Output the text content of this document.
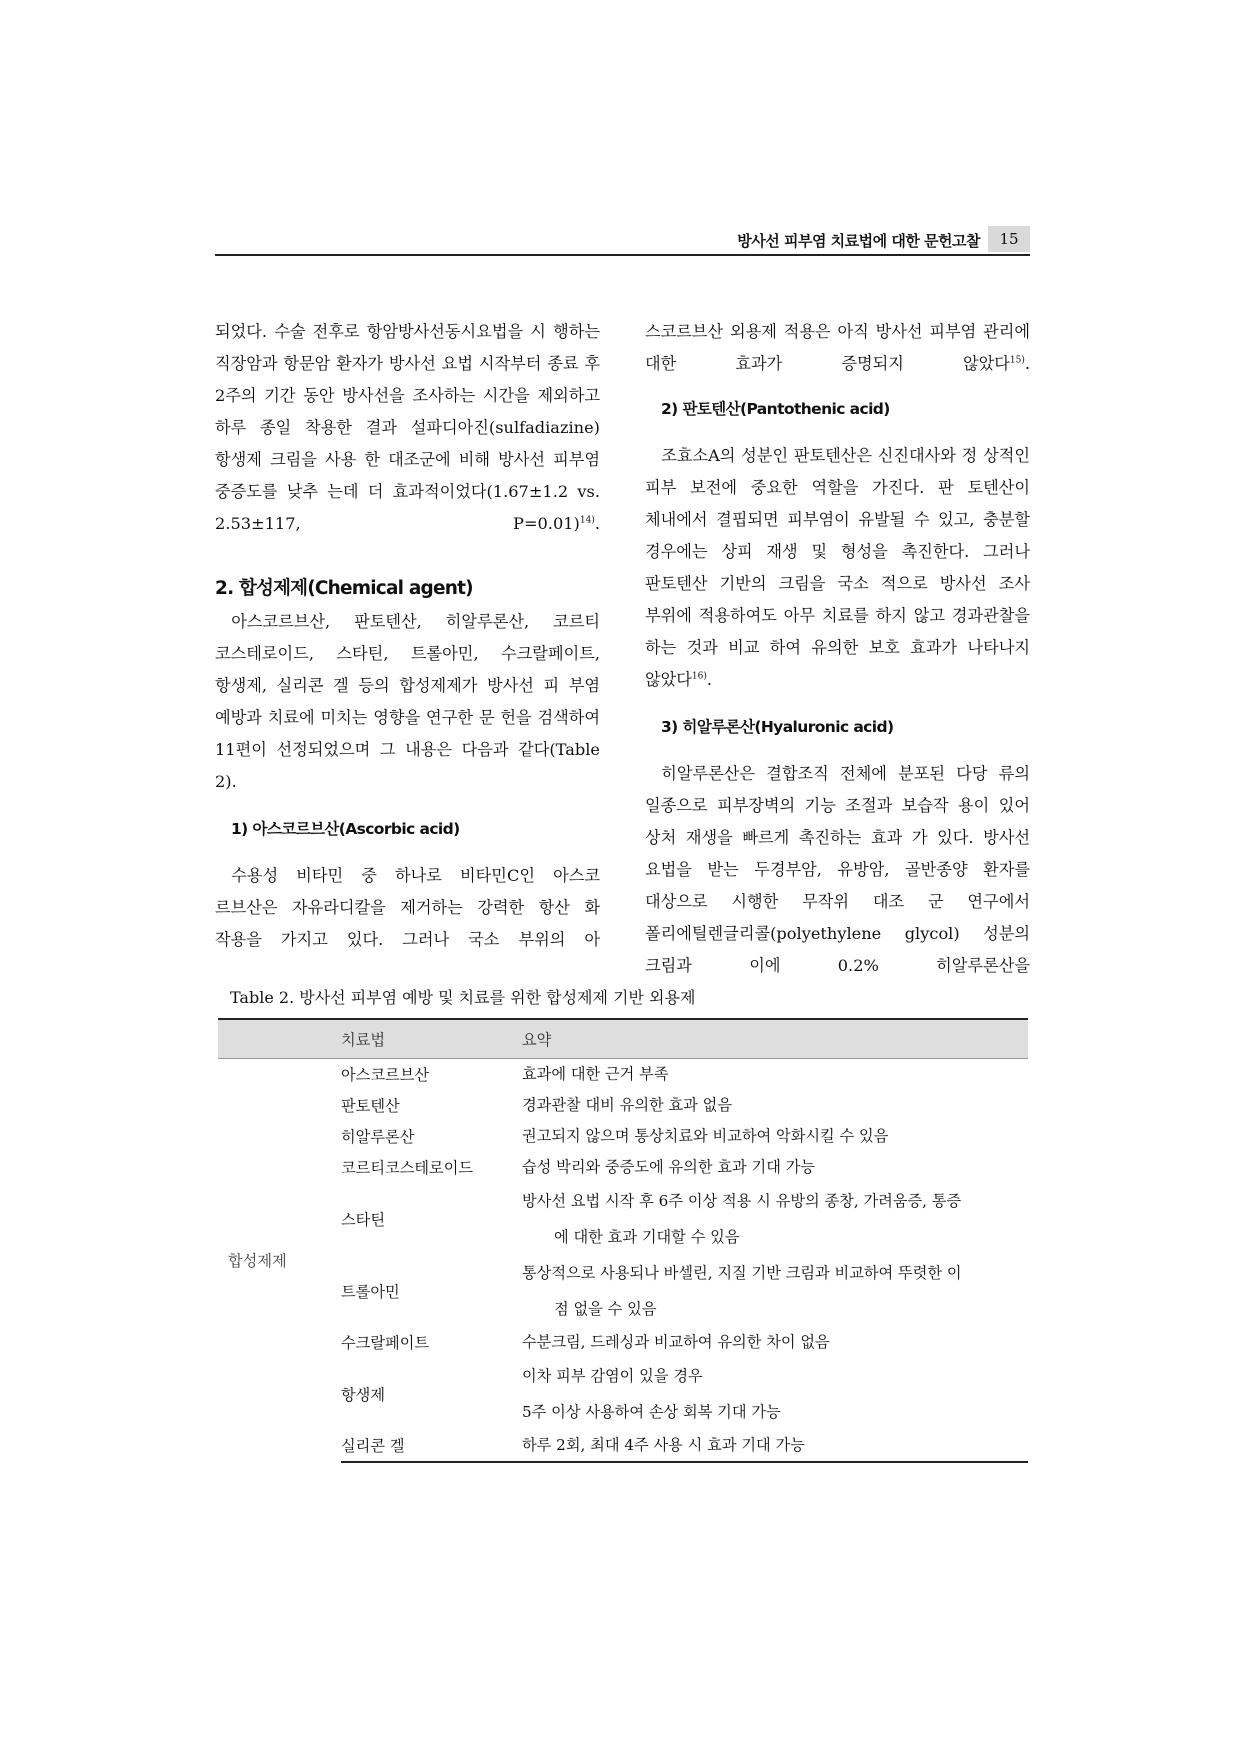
방사선 피부염 치료법에 대한 문헌고찰	15

되었다. 수술 전후로 항암방사선동시요법을 시 행하는 직장암과 항문암 환자가 방사선 요법 시작부터 종료 후 2주의 기간 동안 방사선을 조사하는 시간을 제외하고 하루 종일 착용한 결과 설파디아진(sulfadiazine) 항생제 크림을 사용 한 대조군에 비해 방사선 피부염 중증도를 낮추 는데 더 효과적이었다(1.67±1.2 vs. 2.53±117,	P=0.01)$^{14)}$.

2. 합성제제(Chemical agent)

아스코르브산, 판토텐산, 히알루론산, 코르티 코스테로이드, 스타틴, 트롤아민, 수크랄페이트, 항생제, 실리콘 겔 등의 합성제제가 방사선 피 부염 예방과 치료에 미치는 영향을 연구한 문 헌을 검색하여 11편이 선정되었으며 그 내용은 다음과 같다(Table 2).

1) 아스코르브산(Ascorbic acid)

수용성 비타민 중 하나로 비타민C인 아스코 르브산은 자유라디칼을 제거하는 강력한 항산 화 작용을 가지고 있다. 그러나 국소 부위의 아

스코르브산 외용제 적용은 아직 방사선 피부염 관리에 대한 효과가 증명되지 않았다$^{15)}$.

2) 판토텐산(Pantothenic acid)

조효소A의 성분인 판토텐산은 신진대사와 정 상적인 피부 보전에 중요한 역할을 가진다. 판 토텐산이 체내에서 결핍되면 피부염이 유발될 수 있고, 충분할 경우에는 상피 재생 및 형성을 촉진한다. 그러나 판토텐산 기반의 크림을 국소 적으로 방사선 조사 부위에 적용하여도 아무 치료를 하지 않고 경과관찰을 하는 것과 비교 하여 유의한 보호 효과가 나타나지 않았다$^{16)}$.

3) 히알루론산(Hyaluronic acid)

히알루론산은 결합조직 전체에 분포된 다당 류의 일종으로 피부장벽의 기능 조절과 보습작 용이 있어 상처 재생을 빠르게 촉진하는 효과 가 있다. 방사선 요법을 받는 두경부암, 유방암, 골반종양 환자를 대상으로 시행한 무작위 대조 군 연구에서 폴리에틸렌글리콜(polyethylene glycol) 성분의 크림과 이에 0.2% 히알루론산을

Table 2. 방사선 피부염 예방 및 치료를 위한 합성제제 기반 외용제
	치료법	요약
합성제제	아스코르브산	효과에 대한 근거 부족

	판토텐산	경과관찰 대비 유의한 효과 없음

	히알루론산	권고되지 않으며 통상치료와 비교하여 악화시킬 수 있음

	코르티코스테로이드	습성 박리와 중증도에 유의한 효과 기대 가능

	스타틴	방사선 요법 시작 후 6주 이상 적용 시 유방의 종창, 가려움증, 통증
에 대한 효과 기대할 수 있음

	트롤아민	통상적으로 사용되나 바셀린, 지질 기반 크림과 비교하여 뚜렷한 이
점 없을 수 있음

	수크랄페이트	수분크림, 드레싱과 비교하여 유의한 차이 없음

	항생제	이차 피부 감염이 있을 경우
5주 이상 사용하여 손상 회복 기대 가능

	실리콘 겔	하루 2회, 최대 4주 사용 시 효과 기대 가능
